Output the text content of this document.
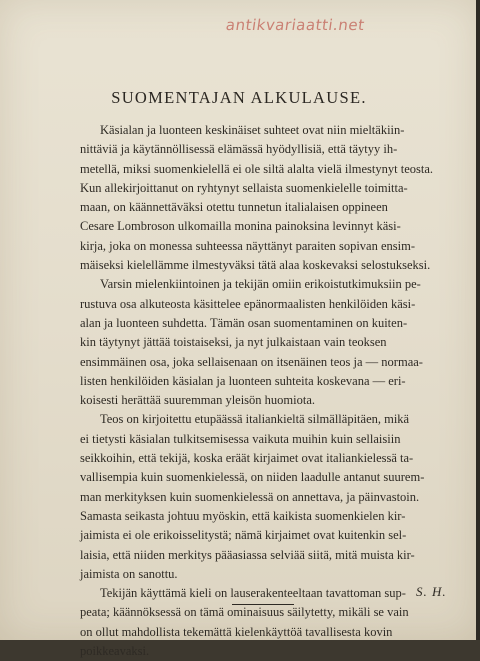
antikvariaatti.net
SUOMENTAJAN ALKULAUSE.
Käsialan ja luonteen keskinäiset suhteet ovat niin mieltäkiin-
nittäviä ja käytännöllisessä elämässä hyödyllisiä, että täytyy ih-
metellä, miksi suomenkielellä ei ole siltä alalta vielä ilmestynyt teosta.
Kun allekirjoittanut on ryhtynyt sellaista suomenkielelle toimitta-
maan, on käännettäväksi otettu tunnetun italialaisen oppineen
Cesare Lombroson ulkomailla monina painoksina levinnyt käsi-
kirja, joka on monessa suhteessa näyttänyt paraiten sopivan ensim-
mäiseksi kielellämme ilmestyväksi tätä alaa koskevaksi selostukseksi.
Varsin mielenkiintoinen ja tekijän omiin erikoistutkimuksiin pe-
rustuva osa alkuteosta käsittelee epänormaalisten henkilöiden käsi-
alan ja luonteen suhdetta. Tämän osan suomentaminen on kuiten-
kin täytynyt jättää toistaiseksi, ja nyt julkaistaan vain teoksen
ensimmäinen osa, joka sellaisenaan on itsenäinen teos ja — normaa-
listen henkilöiden käsialan ja luonteen suhteita koskevana — eri-
koisesti herättää suuremman yleisön huomiota.
Teos on kirjoitettu etupäässä italiankieltä silmälläpitäen, mikä
ei tietysti käsialan tulkitsemisessa vaikuta muihin kuin sellaisiin
seikkoihin, että tekijä, koska eräät kirjaimet ovat italiankielessä ta-
vallisempia kuin suomenkielessä, on niiden laadulle antanut suurem-
man merkityksen kuin suomenkielessä on annettava, ja päinvastoin.
Samasta seikasta johtuu myöskin, että kaikista suomenkielen kir-
jaimista ei ole erikoisselitystä; nämä kirjaimet ovat kuitenkin sel-
laisia, että niiden merkitys pääasiassa selviää siitä, mitä muista kir-
jaimista on sanottu.
Tekijän käyttämä kieli on lauserakenteeltaan tavattoman sup-
peata; käännöksessä on tämä ominaisuus säilytetty, mikäli se vain
on ollut mahdollista tekemättä kielenkäyttöä tavallisesta kovin
poikkeavaksi.
S. H.
